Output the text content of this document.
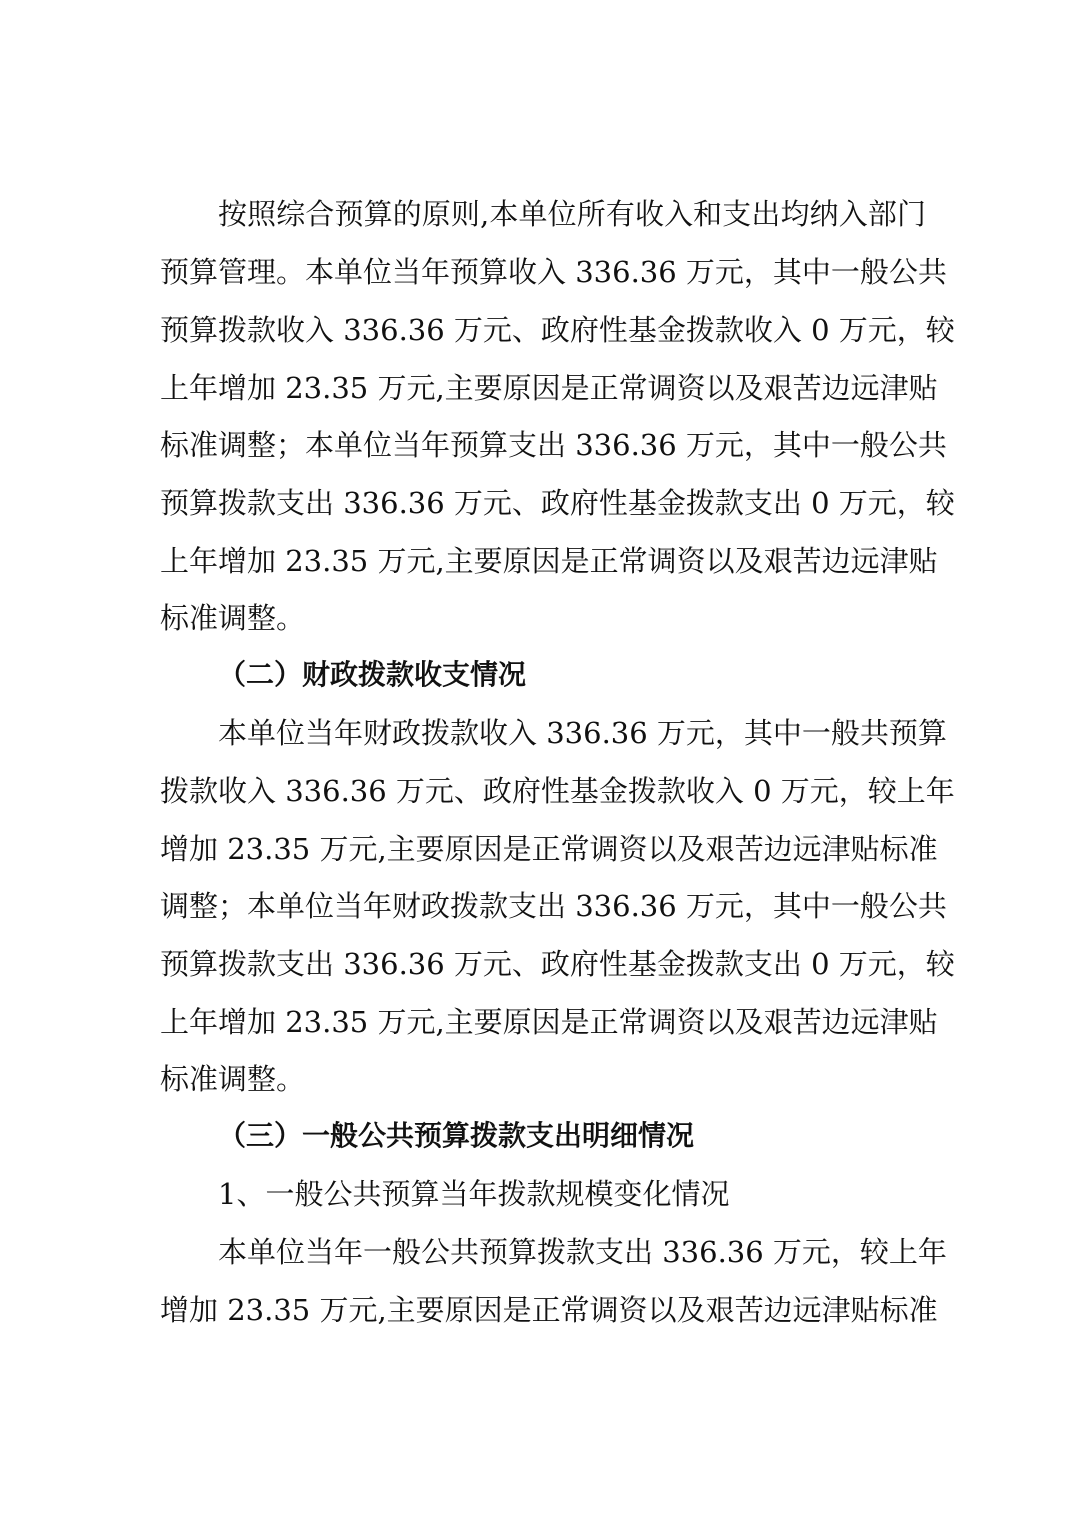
按照综合预算的原则,本单位所有收入和支出均纳入部门
预算管理。本单位当年预算收入 336.36 万元，其中一般公共
预算拨款收入 336.36 万元、政府性基金拨款收入 0 万元，较
上年增加 23.35 万元,主要原因是正常调资以及艰苦边远津贴
标准调整；本单位当年预算支出 336.36 万元，其中一般公共
预算拨款支出 336.36 万元、政府性基金拨款支出 0 万元，较
上年增加 23.35 万元,主要原因是正常调资以及艰苦边远津贴
标准调整。
（二）财政拨款收支情况
本单位当年财政拨款收入 336.36 万元，其中一般共预算
拨款收入 336.36 万元、政府性基金拨款收入 0 万元，较上年
增加 23.35 万元,主要原因是正常调资以及艰苦边远津贴标准
调整；本单位当年财政拨款支出 336.36 万元，其中一般公共
预算拨款支出 336.36 万元、政府性基金拨款支出 0 万元，较
上年增加 23.35 万元,主要原因是正常调资以及艰苦边远津贴
标准调整。
（三）一般公共预算拨款支出明细情况
1、一般公共预算当年拨款规模变化情况
本单位当年一般公共预算拨款支出 336.36 万元，较上年
增加 23.35 万元,主要原因是正常调资以及艰苦边远津贴标准
